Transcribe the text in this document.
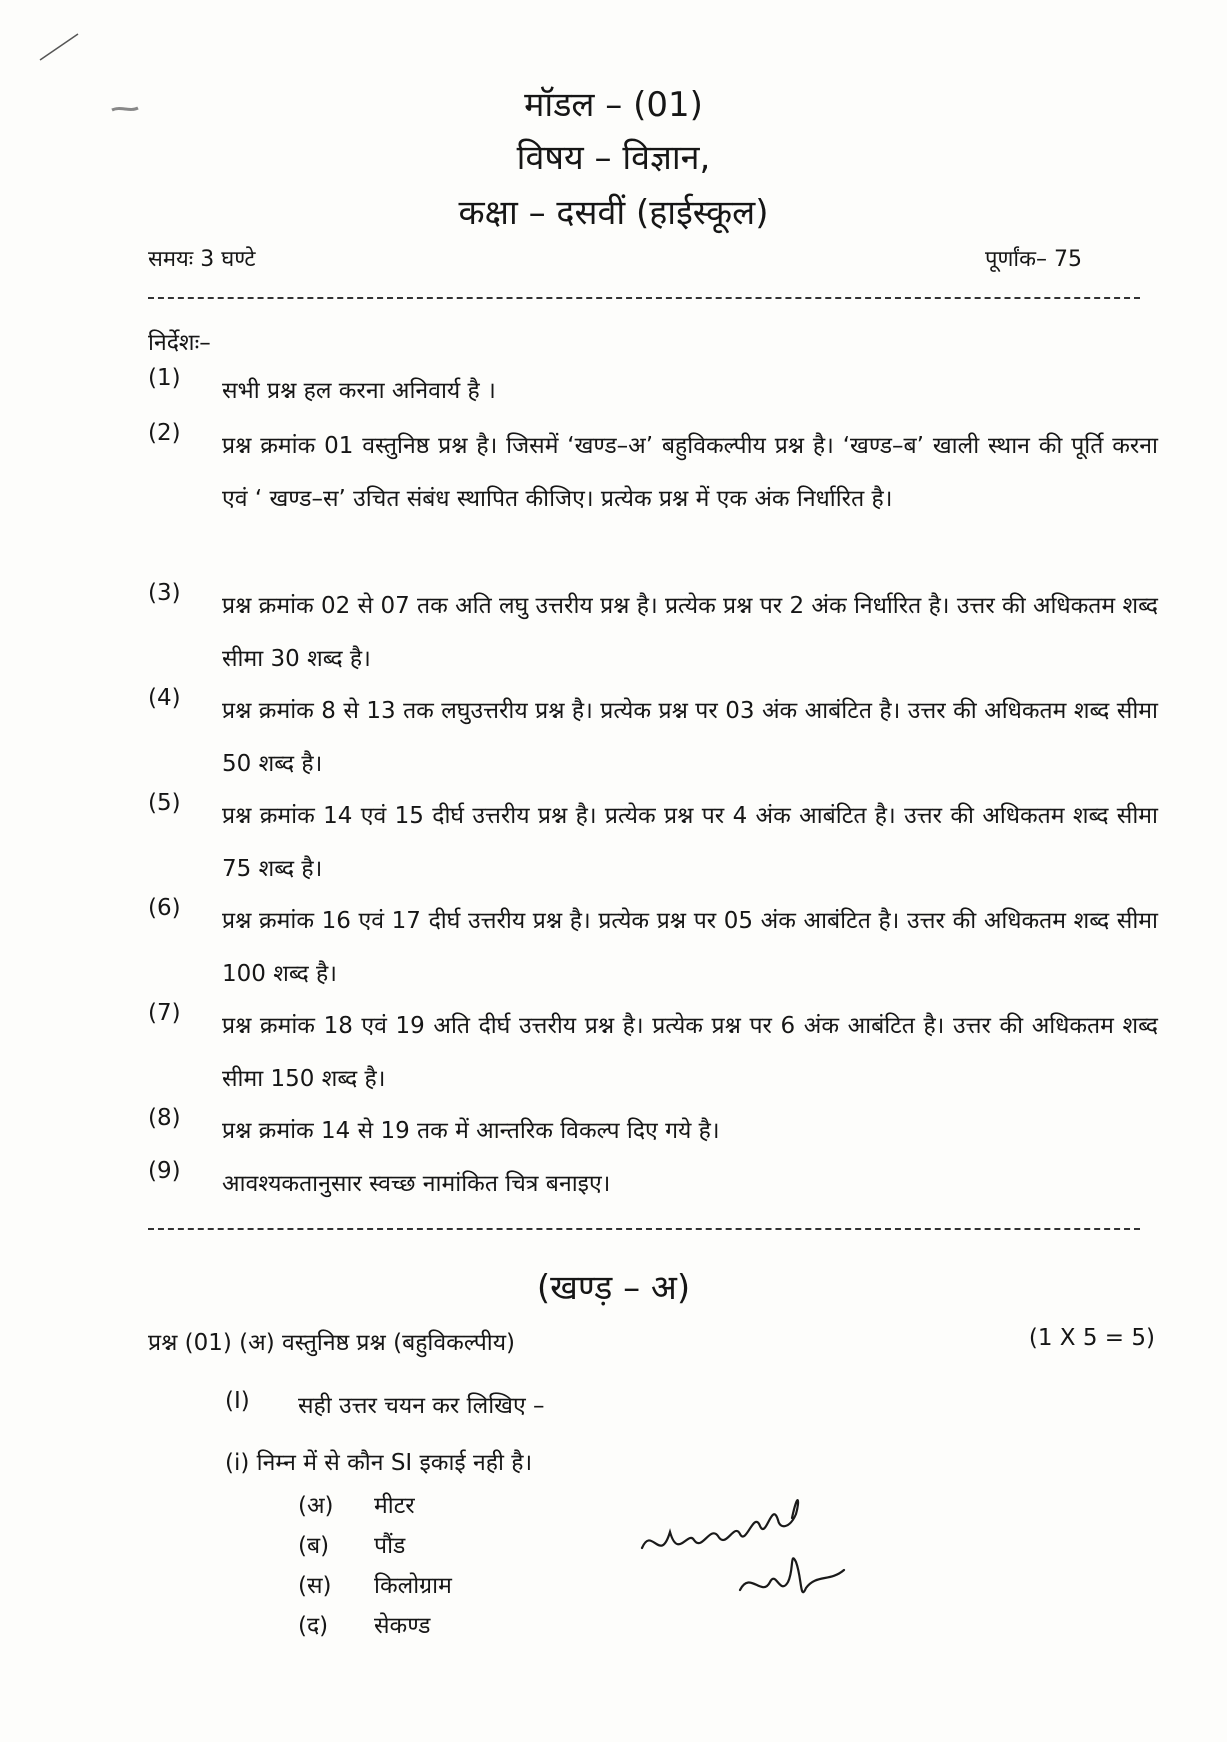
मॉडल – (01)
विषय – विज्ञान,
कक्षा – दसवीं (हाईस्कूल)
समयः 3 घण्टे	पूर्णांक– 75
निर्देशः–
(1)	सभी प्रश्न हल करना अनिवार्य है ।
(2)	प्रश्न क्रमांक 01 वस्तुनिष्ठ प्रश्न है। जिसमें ‘खण्ड–अ’ बहुविकल्पीय प्रश्न है। ‘खण्ड–ब’ खाली स्थान की पूर्ति करना एवं ‘ खण्ड–स’ उचित संबंध स्थापित कीजिए। प्रत्येक प्रश्न में एक अंक निर्धारित है।
(3)	प्रश्न क्रमांक 02 से 07 तक अति लघु उत्तरीय प्रश्न है। प्रत्येक प्रश्न पर 2 अंक निर्धारित है। उत्तर की अधिकतम शब्द सीमा 30 शब्द है।
(4)	प्रश्न क्रमांक 8 से 13 तक लघुउत्तरीय प्रश्न है। प्रत्येक प्रश्न पर 03 अंक आबंटित है। उत्तर की अधिकतम शब्द सीमा 50 शब्द है।
(5)	प्रश्न क्रमांक 14 एवं 15 दीर्घ उत्तरीय प्रश्न है। प्रत्येक प्रश्न पर 4 अंक आबंटित है। उत्तर की अधिकतम शब्द सीमा 75 शब्द है।
(6)	प्रश्न क्रमांक 16 एवं 17 दीर्घ उत्तरीय प्रश्न है। प्रत्येक प्रश्न पर 05 अंक आबंटित है। उत्तर की अधिकतम शब्द सीमा 100 शब्द है।
(7)	प्रश्न क्रमांक 18 एवं 19 अति दीर्घ उत्तरीय प्रश्न है। प्रत्येक प्रश्न पर 6 अंक आबंटित है। उत्तर की अधिकतम शब्द सीमा 150 शब्द है।
(8)	प्रश्न क्रमांक 14 से 19 तक में आन्तरिक विकल्प दिए गये है।
(9)	आवश्यकतानुसार स्वच्छ नामांकित चित्र बनाइए।
(खण्ड़ – अ)
प्रश्न (01) (अ) वस्तुनिष्ठ प्रश्न (बहुविकल्पीय)	(1 X 5 = 5)
(I) सही उत्तर चयन कर लिखिए –
(i) निम्न में से कौन SI इकाई नही है।
(अ) मीटर
(ब) पौंड
(स) किलोग्राम
(द) सेकण्ड
